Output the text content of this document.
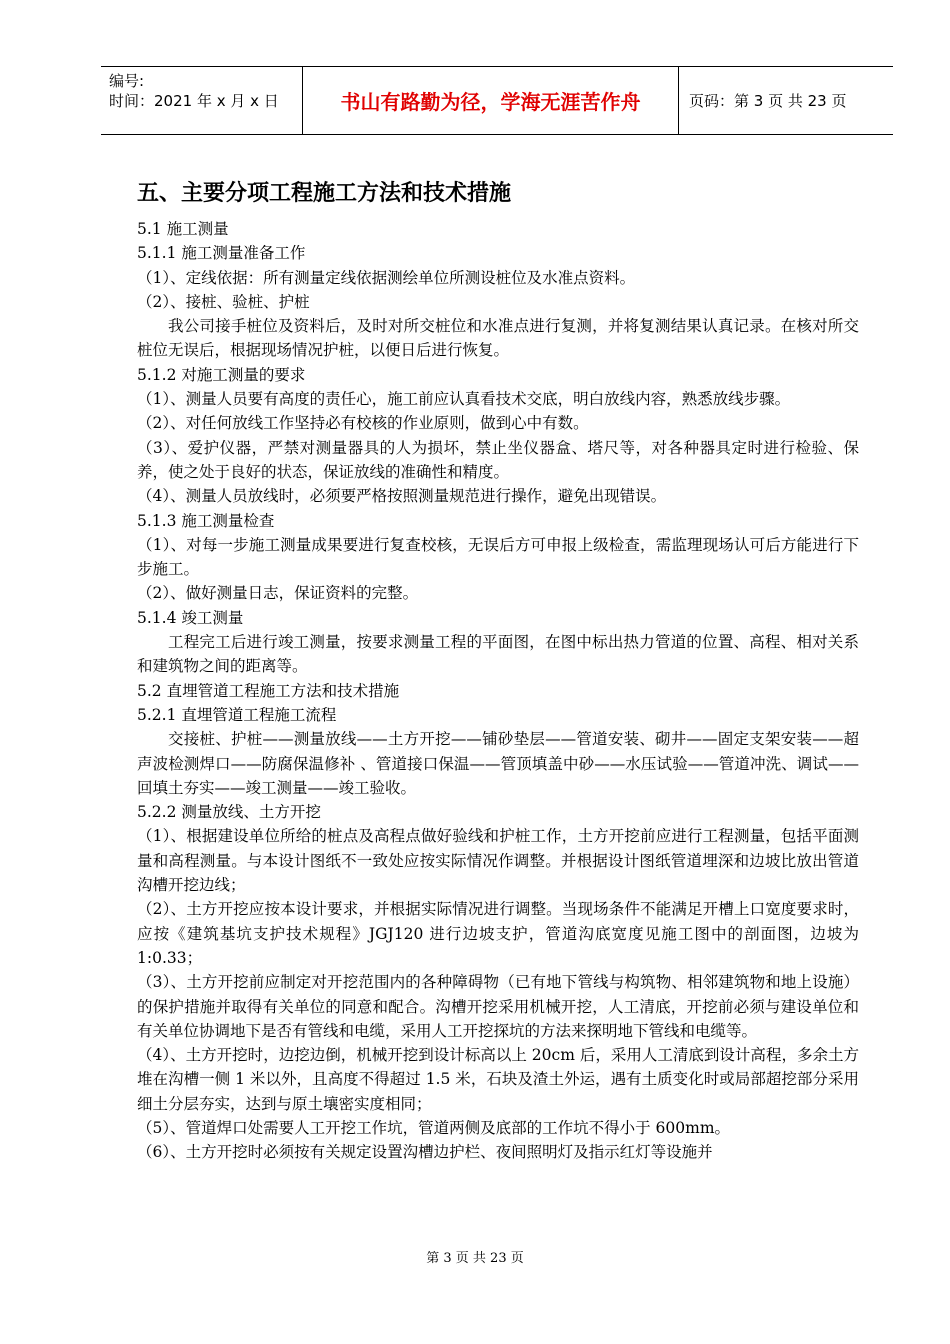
编号:
时间：2021 年 x 月 x 日	书山有路勤为径，学海无涯苦作舟	页码：第 3 页 共 23 页
五、主要分项工程施工方法和技术措施
5.1 施工测量
5.1.1 施工测量准备工作
（1）、定线依据：所有测量定线依据测绘单位所测设桩位及水准点资料。
（2）、接桩、验桩、护桩
我公司接手桩位及资料后，及时对所交桩位和水准点进行复测，并将复测结果认真记录。在核对所交桩位无误后，根据现场情况护桩，以便日后进行恢复。
5.1.2 对施工测量的要求
（1）、测量人员要有高度的责任心，施工前应认真看技术交底，明白放线内容，熟悉放线步骤。
（2）、对任何放线工作坚持必有校核的作业原则，做到心中有数。
（3）、爱护仪器，严禁对测量器具的人为损坏，禁止坐仪器盒、塔尺等，对各种器具定时进行检验、保养，使之处于良好的状态，保证放线的准确性和精度。
（4）、测量人员放线时，必须要严格按照测量规范进行操作，避免出现错误。
5.1.3 施工测量检查
（1）、对每一步施工测量成果要进行复查校核，无误后方可申报上级检查，需监理现场认可后方能进行下步施工。
（2）、做好测量日志，保证资料的完整。
5.1.4 竣工测量
工程完工后进行竣工测量，按要求测量工程的平面图，在图中标出热力管道的位置、高程、相对关系和建筑物之间的距离等。
5.2 直埋管道工程施工方法和技术措施
5.2.1 直埋管道工程施工流程
交接桩、护桩——测量放线——土方开挖——铺砂垫层——管道安装、砌井——固定支架安装——超声波检测焊口——防腐保温修补 、管道接口保温——管顶填盖中砂——水压试验——管道冲洗、调试——回填土夯实——竣工测量——竣工验收。
5.2.2 测量放线、土方开挖
（1）、根据建设单位所给的桩点及高程点做好验线和护桩工作，土方开挖前应进行工程测量，包括平面测量和高程测量。与本设计图纸不一致处应按实际情况作调整。并根据设计图纸管道埋深和边坡比放出管道沟槽开挖边线；
（2）、土方开挖应按本设计要求，并根据实际情况进行调整。当现场条件不能满足开槽上口宽度要求时，应按《建筑基坑支护技术规程》JGJ120 进行边坡支护，管道沟底宽度见施工图中的剖面图，边坡为 1:0.33；
（3）、土方开挖前应制定对开挖范围内的各种障碍物（已有地下管线与构筑物、相邻建筑物和地上设施）的保护措施并取得有关单位的同意和配合。沟槽开挖采用机械开挖，人工清底，开挖前必须与建设单位和有关单位协调地下是否有管线和电缆，采用人工开挖探坑的方法来探明地下管线和电缆等。
（4）、土方开挖时，边挖边倒，机械开挖到设计标高以上 20cm 后，采用人工清底到设计高程，多余土方堆在沟槽一侧 1 米以外，且高度不得超过 1.5 米，石块及渣土外运，遇有土质变化时或局部超挖部分采用细土分层夯实，达到与原土壤密实度相同；
（5）、管道焊口处需要人工开挖工作坑，管道两侧及底部的工作坑不得小于 600mm。
（6）、土方开挖时必须按有关规定设置沟槽边护栏、夜间照明灯及指示红灯等设施并
第 3 页 共 23 页
